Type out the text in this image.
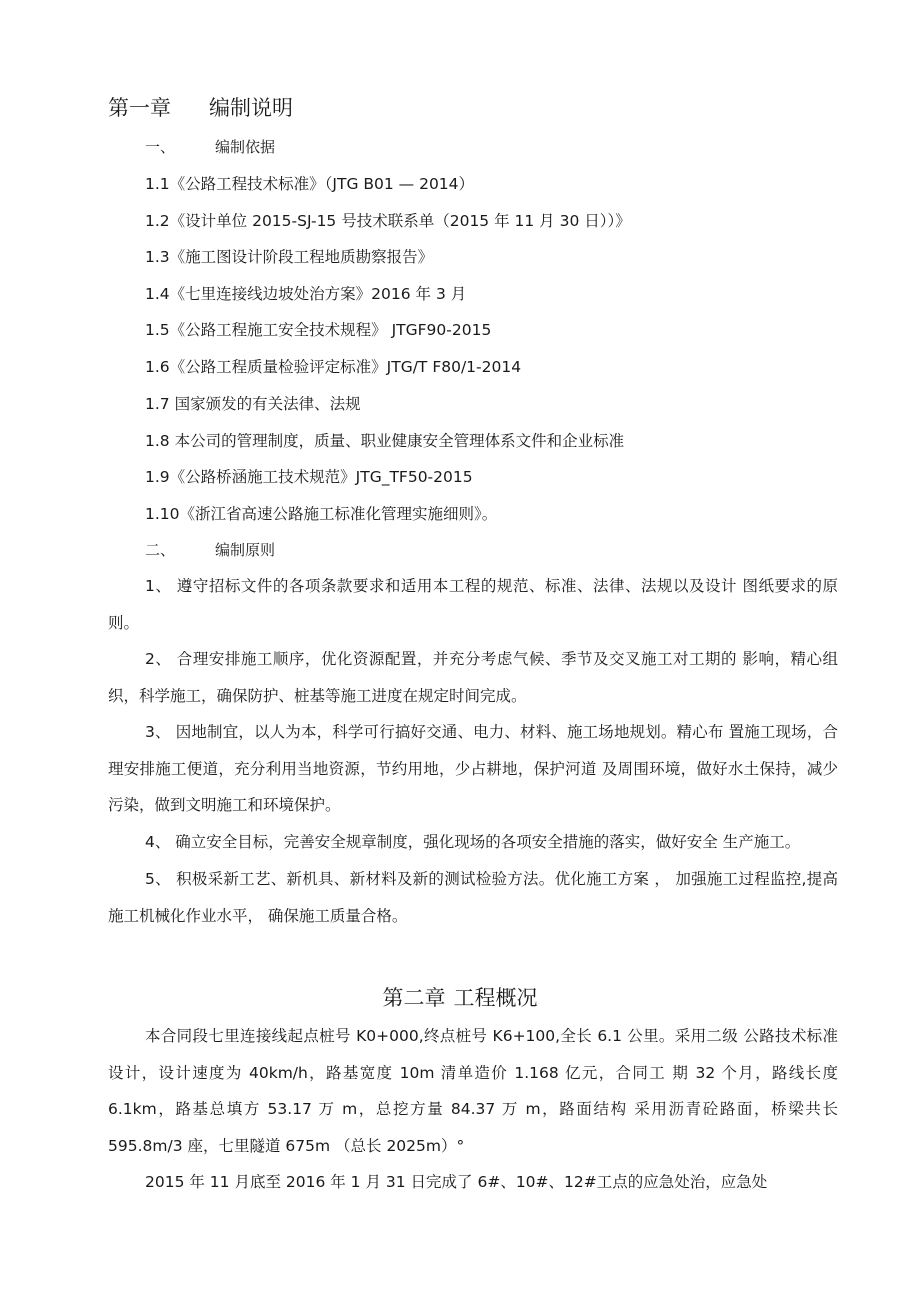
第一章 编制说明
一、	编制依据
1.1《公路工程技术标准》（JTG B01 — 2014）
1.2《设计单位 2015-SJ-15 号技术联系单（2015 年 11 月 30 日））》
1.3《施工图设计阶段工程地质勘察报告》
1.4《七里连接线边坡处治方案》2016 年 3 月
1.5《公路工程施工安全技术规程》 JTGF90-2015
1.6《公路工程质量检验评定标准》JTG/T F80/1-2014
1.7 国家颁发的有关法律、法规
1.8 本公司的管理制度，质量、职业健康安全管理体系文件和企业标准
1.9《公路桥涵施工技术规范》JTG_TF50-2015
1.10《浙江省高速公路施工标准化管理实施细则》。
二、	编制原则
1、 遵守招标文件的各项条款要求和适用本工程的规范、标准、法律、法规以及设计 图纸要求的原则。
2、 合理安排施工顺序，优化资源配置，并充分考虑气候、季节及交叉施工对工期的 影响，精心组织，科学施工，确保防护、桩基等施工进度在规定时间完成。
3、 因地制宜，以人为本，科学可行搞好交通、电力、材料、施工场地规划。精心布 置施工现场，合理安排施工便道，充分利用当地资源，节约用地，少占耕地，保护河道 及周围环境，做好水土保持，减少污染，做到文明施工和环境保护。
4、 确立安全目标，完善安全规章制度，强化现场的各项安全措施的落实，做好安全 生产施工。
5、 积极采新工艺、新机具、新材料及新的测试检验方法。优化施工方案 ， 加强施工过程监控,提高施工机械化作业水平， 确保施工质量合格。
第二章 工程概况
本合同段七里连接线起点桩号 K0+000,终点桩号 K6+100,全长 6.1 公里。采用二级 公路技术标准设计，设计速度为 40km/h，路基宽度 10m 清单造价 1.168 亿元，合同工 期 32 个月，路线长度 6.1km，路基总填方 53.17 万 m，总挖方量 84.37 万 m，路面结构 采用沥青砼路面，桥梁共长 595.8m/3 座，七里隧道 675m （总长 2025m）°
2015 年 11 月底至 2016 年 1 月 31 日完成了 6#、10#、12#工点的应急处治，应急处
